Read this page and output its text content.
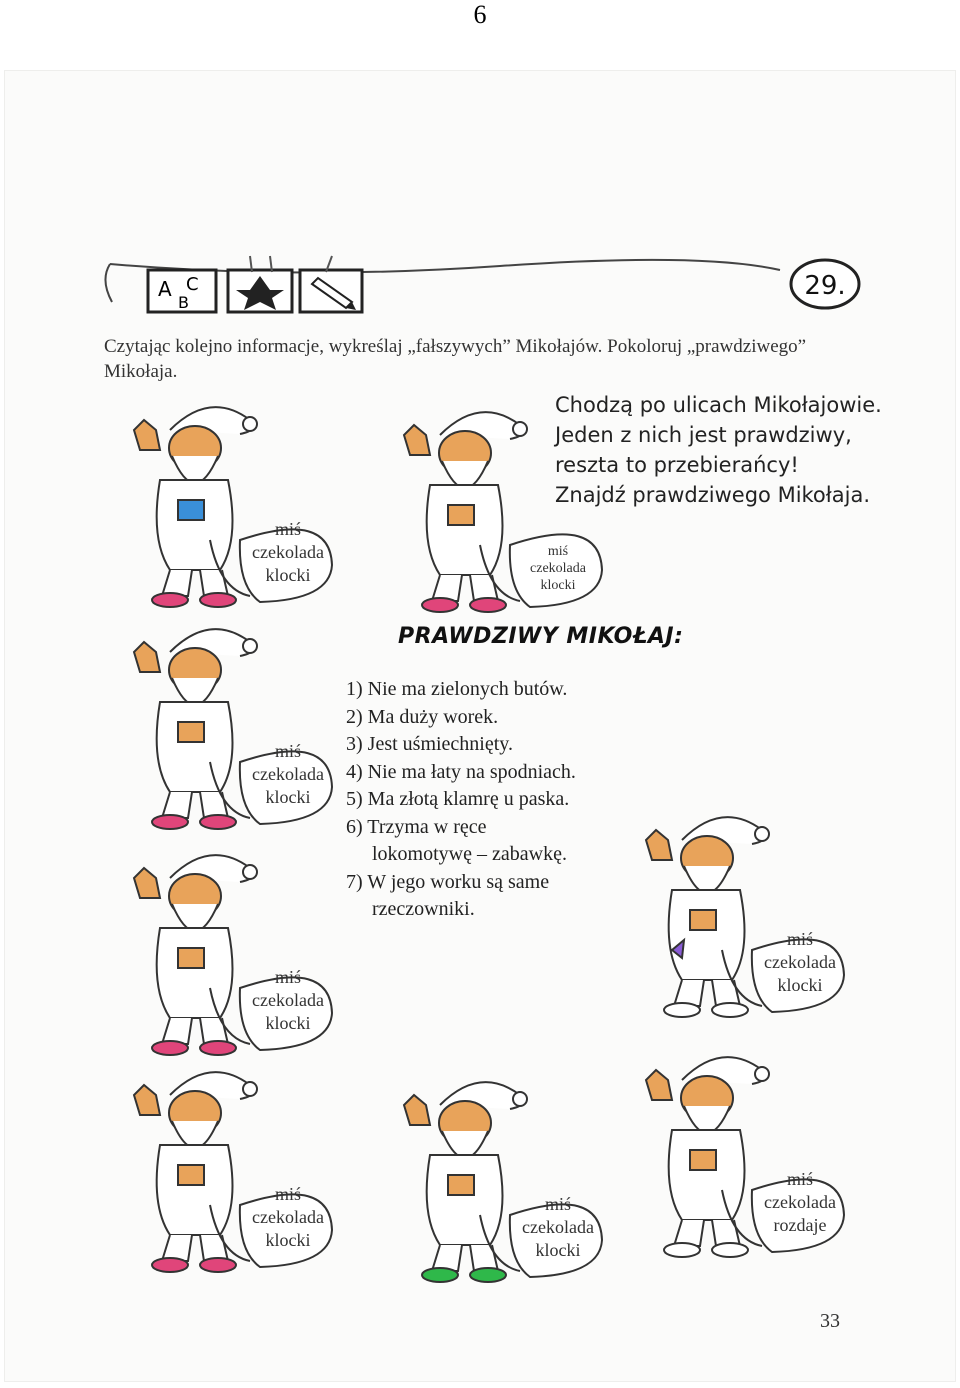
6
A C
B
29.
Czytając kolejno informacje, wykreślaj „fałszywych” Mikołajów. Pokoloruj „prawdziwego” Mikołaja.
Chodzą po ulicach Mikołajowie.
Jeden z nich jest prawdziwy,
reszta to przebierańcy!
Znajdź prawdziwego Mikołaja.
PRAWDZIWY MIKOŁAJ:
1) Nie ma zielonych butów.
2) Ma duży worek.
3) Jest uśmiechnięty.
4) Nie ma łaty na spodniach.
5) Ma złotą klamrę u paska.
6) Trzyma w ręce
lokomotywę – zabawkę.
7) W jego worku są same
rzeczowniki.
miś
czekolada
klocki
miś
czekolada
klocki
miś
czekolada
klocki
miś
czekolada
klocki
miś
czekolada
klocki
miś
czekolada
klocki
miś
czekolada
klocki
miś
czekolada
rozdaje
33
